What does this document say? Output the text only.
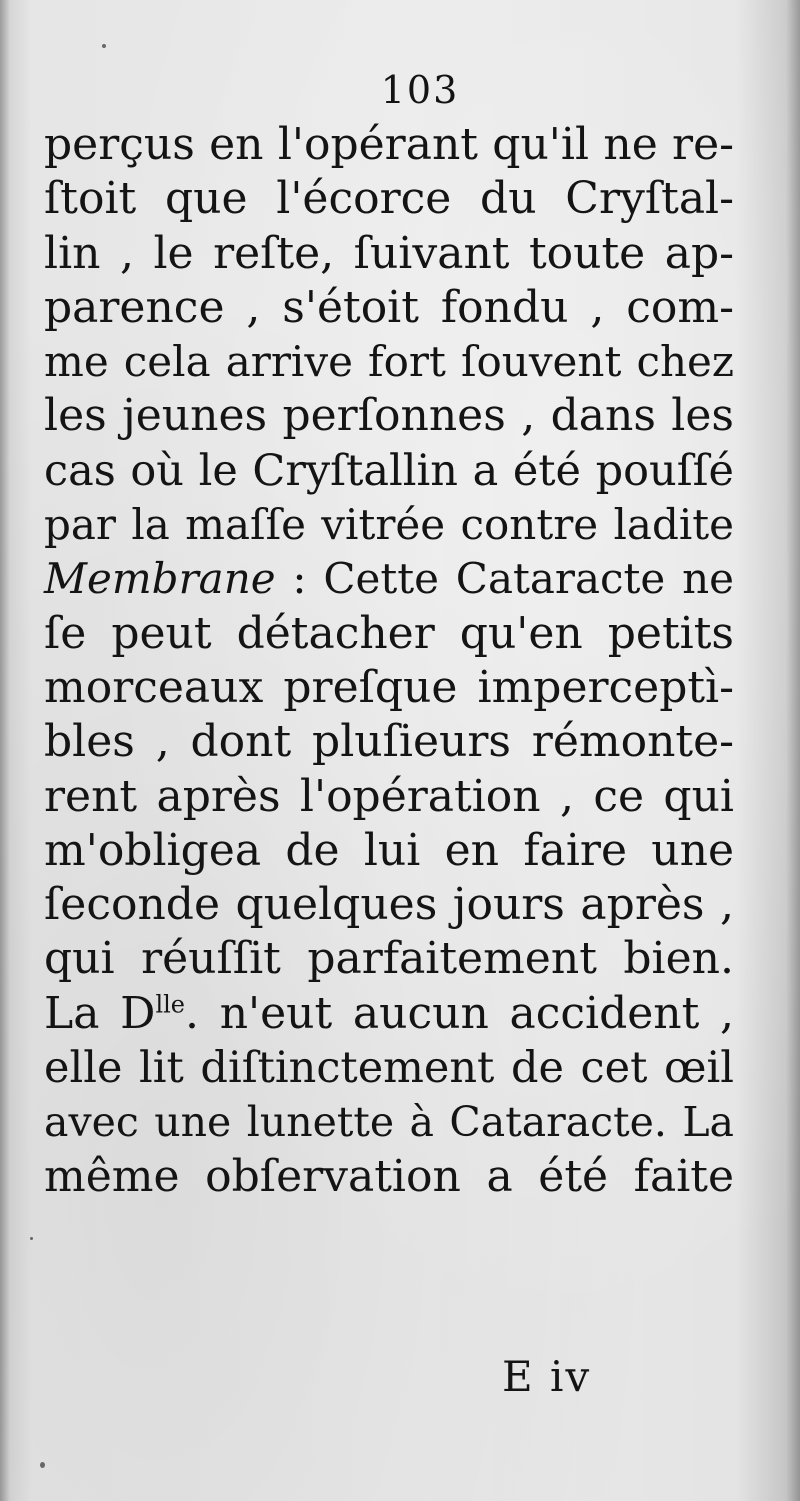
103
perçus en l'opérant qu'il ne re-
ſtoit que l'écorce du Cryſtal-
lin , le reſte, ſuivant toute ap-
parence , s'étoit fondu , com-
me cela arrive fort ſouvent chez
les jeunes perſonnes , dans les
cas où le Cryſtallin a été pouſſé
par la maſſe vitrée contre ladite
Membrane : Cette Cataracte ne
ſe peut détacher qu'en petits
morceaux preſque imperceptì-
bles , dont pluſieurs rémonte-
rent après l'opération , ce qui
m'obligea de lui en faire une
ſeconde quelques jours après ,
qui réuſſit parfaitement bien.
La $D^{lle}$. n'eut aucun accident ,
elle lit diſtinctement de cet œil
avec une lunette à Cataracte. La
même obſervation a été faite
E iv
